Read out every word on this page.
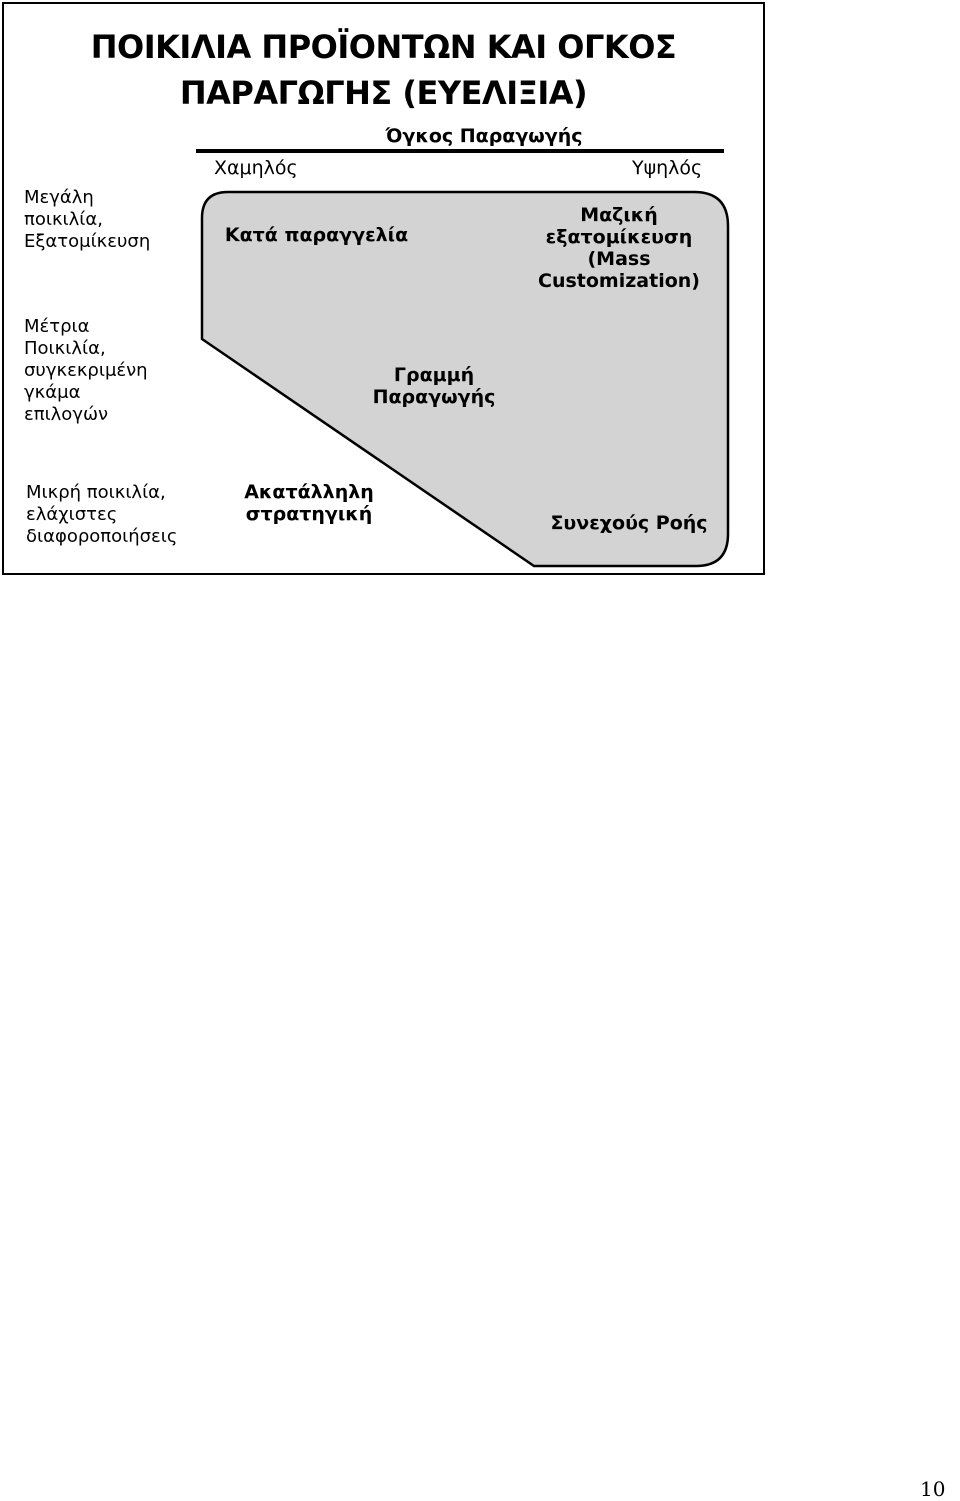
ΠΟΙΚΙΛΙΑ ΠΡΟΪΟΝΤΩΝ ΚΑΙ ΟΓΚΟΣ
ΠΑΡΑΓΩΓΗΣ (ΕΥΕΛΙΞΙΑ)
Όγκος Παραγωγής
Χαμηλός	Υψηλός
Μεγάλη
ποικιλία,
Εξατομίκευση
Μέτρια
Ποικιλία,
συγκεκριμένη
γκάμα
επιλογών
Μικρή ποικιλία,
ελάχιστες
διαφοροποιήσεις
Κατά παραγγελία
Μαζική
εξατομίκευση
(Mass
Customization)
Γραμμή
Παραγωγής
Ακατάλληλη
στρατηγική	Συνεχούς Ροής
10
